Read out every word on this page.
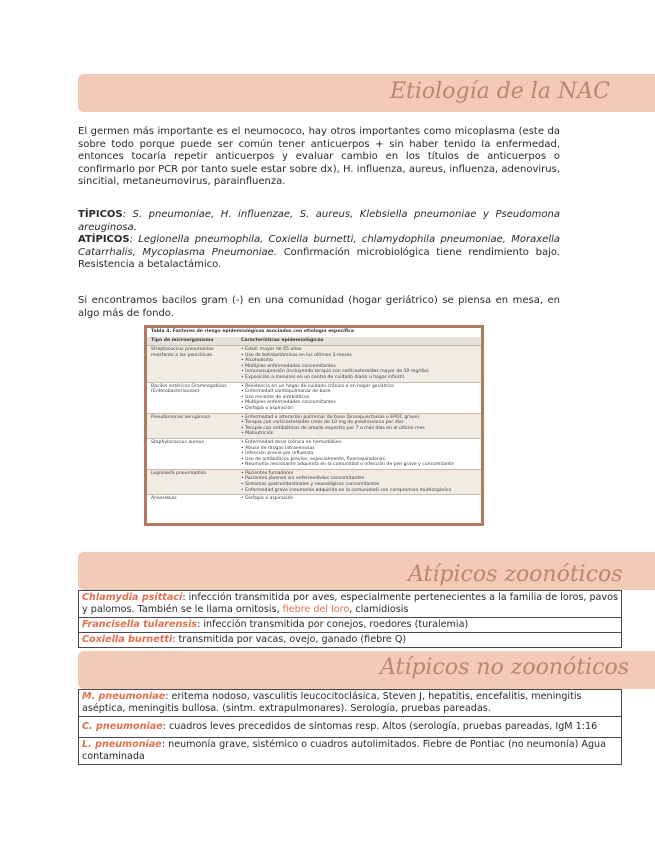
Etiología de la NAC
El germen más importante es el neumococo, hay otros importantes como micoplasma (este da sobre todo porque puede ser común tener anticuerpos + sin haber tenido la enfermedad, entonces tocaría repetir anticuerpos y evaluar cambio en los títulos de anticuerpos o confirmarlo por PCR por tanto suele estar sobre dx), H. influenza, aureus, influenza, adenovirus, sincitial, metaneumovirus, parainfluenza.
TÍPICOS: S. pneumoniae, H. influenzae, S. aureus, Klebsiella pneumoniae y Pseudomona areuginosa.
ATÍPICOS: Legionella pneumophila, Coxiella burnetti, chlamydophila pneumoniae, Moraxella Catarrhalis, Mycoplasma Pneumoniae. Confirmación microbiológica tiene rendimiento bajo. Resistencia a betalactámico.
Si encontramos bacilos gram (-) en una comunidad (hogar geriátrico) se piensa en mesa, en algo más de fondo.
Tabla 4. Factores de riesgo epidemiológicos asociados con etiología específica
Tipo de microorganismo	Características epidemiológicas
Streptococcus pneumoniae resistente a las penicilinas
• Edad: mayor de 65 años
• Uso de betalactámicos en los últimos 3 meses
• Alcoholismo
• Múltiples enfermedades concomitantes
• Inmunosupresión (incluyendo terapia con corticosteroides mayor de 10 mg/día)
• Exposición a menores en un centro de cuidado diario u hogar infantil
Bacilos entéricos Gramnegativos (Enterobacteriaceae)
• Residencia en un hogar de cuidado crónico o en hogar geriátrico
• Enfermedad cardiopulmonar de base
• Uso reciente de antibióticos
• Múltiples enfermedades concomitantes
• Disfagia o aspiración
Pseudomonas aeruginosa	• Enfermedad o alteración pulmonar de base (bronquiectasias o EPOC grave)
• Terapia con corticosteroides (más de 10 mg de prednisolona por día)
• Terapia con antibióticos de amplio espectro por 7 o más días en el último mes
• Malnutrición
Staphylococcus aureus	• Enfermedad renal crónica en hemodiálisis
• Abuso de drogas intravenosas
• Infección previa por influenza
• Uso de antibióticos previos, especialmente, fluoroquinolonas
• Neumonía necrosante adquirida en la comunidad o infección de piel grave y concomitante
Legionella pneumophila	• Pacientes fumadores
• Pacientes jóvenes sin enfermedades concomitantes
• Síntomas gastrointestinales y neurológicos concomitantes
• Enfermedad grave (neumonía adquirida en la comunidad) con compromiso multiorgánico
Anaerobios	• Disfagia o aspiración
Atípicos zoonóticos
Chlamydia psittaci: infección transmitida por aves, especialmente pertenecientes a la familia de loros, pavos y palomos. También se le llama ornitosis, fiebre del loro, clamidiosis
Francisella tularensis: infección transmitida por conejos, roedores (turalemia)
Coxiella burnetti: transmitida por vacas, ovejo, ganado (fiebre Q)
Atípicos no zoonóticos
M. pneumoniae: eritema nodoso, vasculitis leucocitoclásica, Steven J, hepatitis, encefalitis, meningitis aséptica, meningitis bullosa. (sintm. extrapulmonares). Serología, pruebas pareadas.
C. pneumoniae: cuadros leves precedidos de síntomas resp. Altos (serología, pruebas pareadas, IgM 1:16
L. pneumoniae: neumonía grave, sistémico o cuadros autolimitados. Fiebre de Pontiac (no neumonía) Agua contaminada
